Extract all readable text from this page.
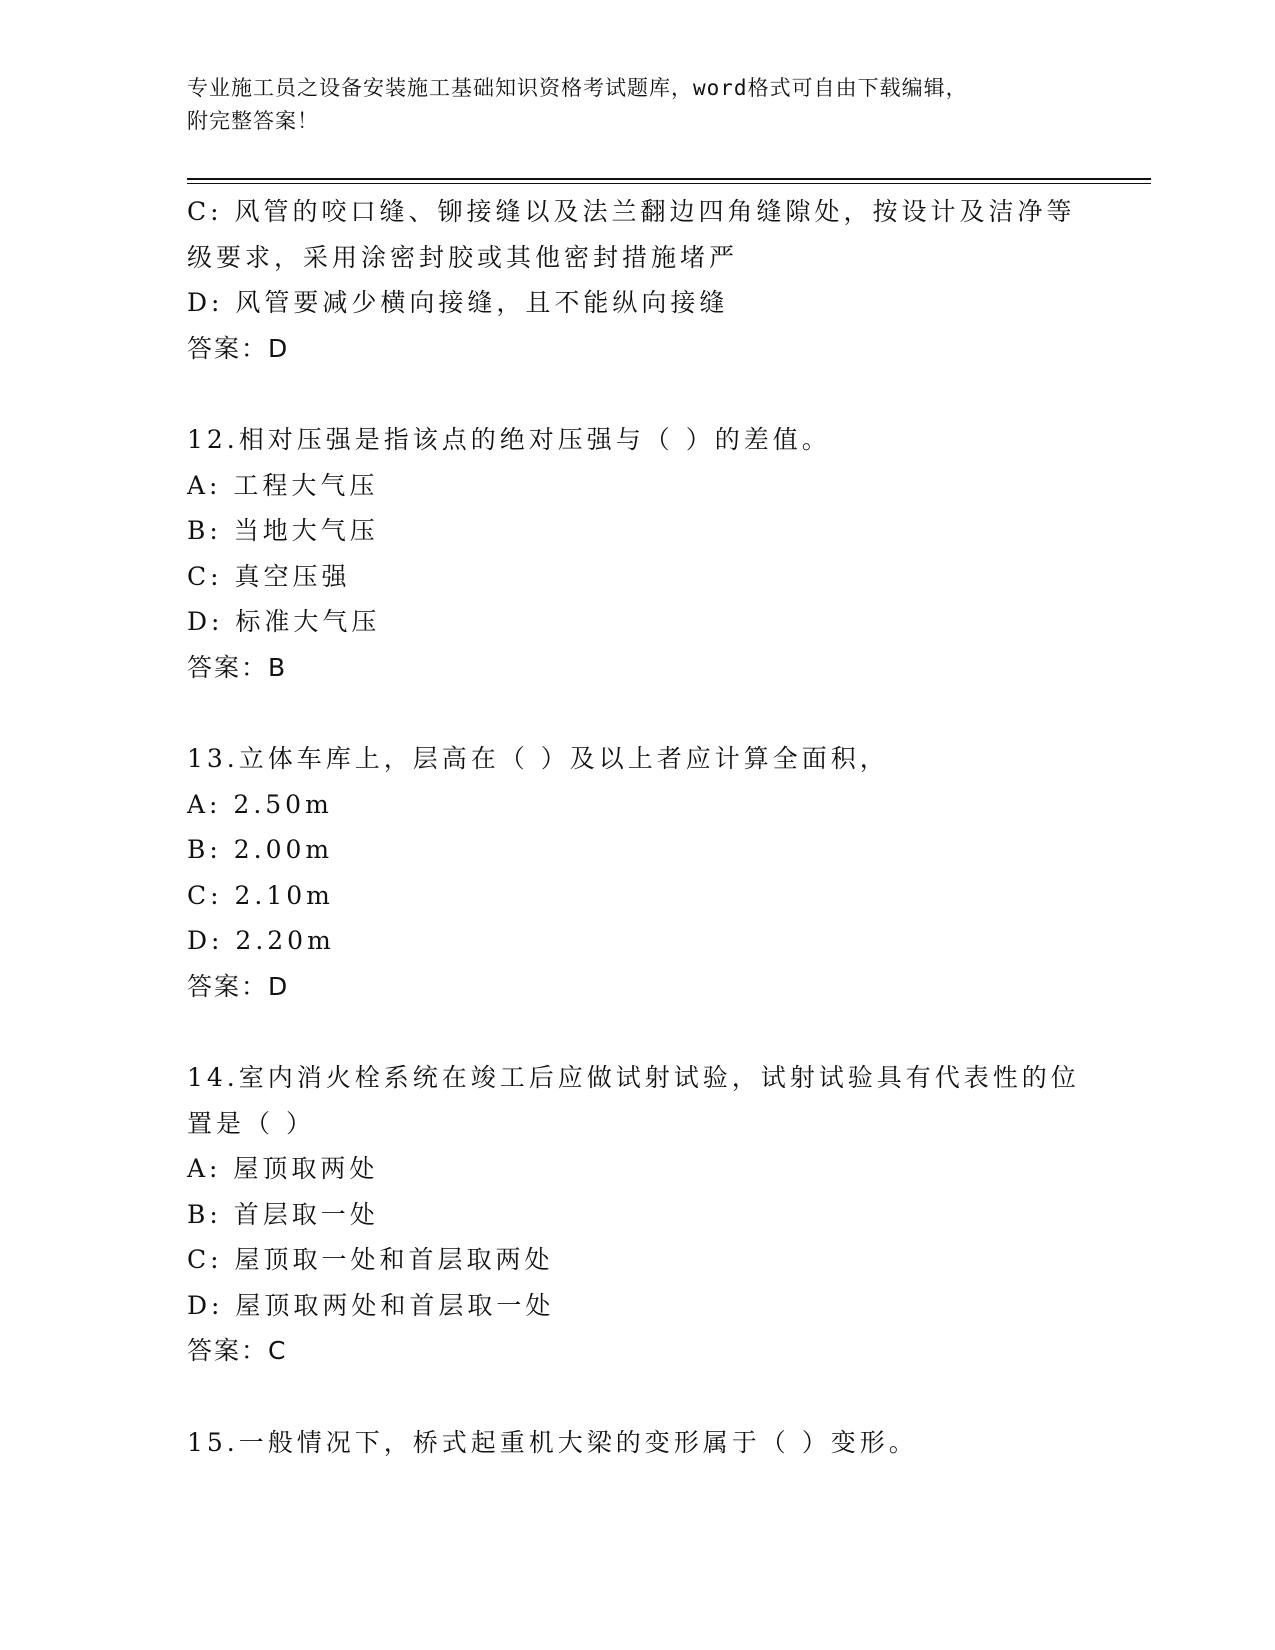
专业施工员之设备安装施工基础知识资格考试题库，word格式可自由下载编辑，
附完整答案！
C: 风管的咬口缝、铆接缝以及法兰翻边四角缝隙处，按设计及洁净等
级要求，采用涂密封胶或其他密封措施堵严
D: 风管要减少横向接缝，且不能纵向接缝
答案：D
12.相对压强是指该点的绝对压强与（ ）的差值。
A: 工程大气压
B: 当地大气压
C: 真空压强
D: 标准大气压
答案：B
13.立体车库上，层高在（ ）及以上者应计算全面积，
A: 2.50m
B: 2.00m
C: 2.10m
D: 2.20m
答案：D
14.室内消火栓系统在竣工后应做试射试验，试射试验具有代表性的位
置是（ ）
A: 屋顶取两处
B: 首层取一处
C: 屋顶取一处和首层取两处
D: 屋顶取两处和首层取一处
答案：C
15.一般情况下，桥式起重机大梁的变形属于（ ）变形。
